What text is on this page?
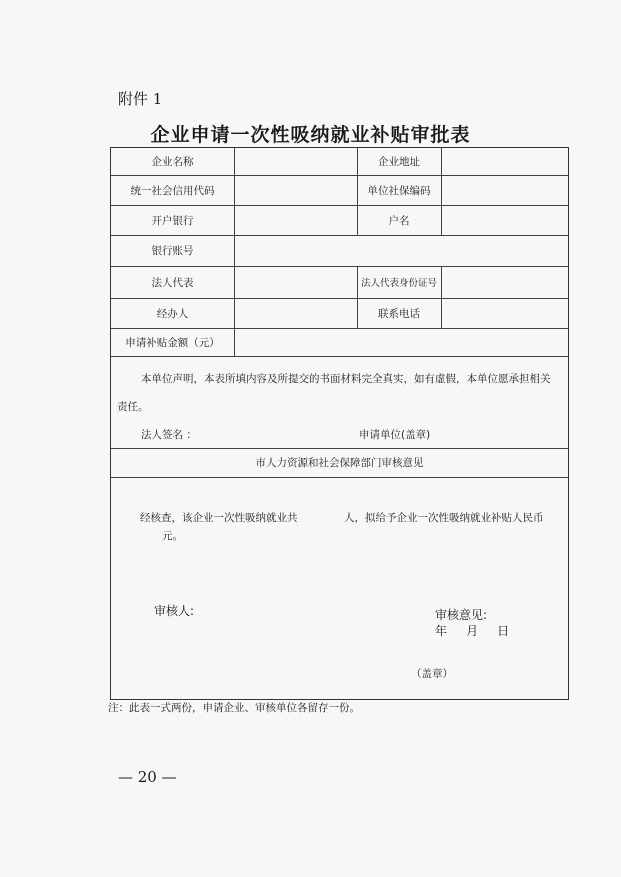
附件 1
企业申请一次性吸纳就业补贴审批表
企业名称	企业地址
统一社会信用代码	单位社保编码
开户银行	户名
银行账号
法人代表	法人代表身份证号
经办人	联系电话
申请补贴金额（元）
本单位声明，本表所填内容及所提交的书面材料完全真实，如有虚假，本单位愿承担相关
责任。
法人签名 ：	申请单位(盖章)
市人力资源和社会保障部门审核意见
经核查，该企业一次性吸纳就业共	人，拟给予企业一次性吸纳就业补贴人民币
元。
审核人:	审核意见:
年     月     日
（盖章）
注：此表一式两份，申请企业、审核单位各留存一份。
— 20 —
